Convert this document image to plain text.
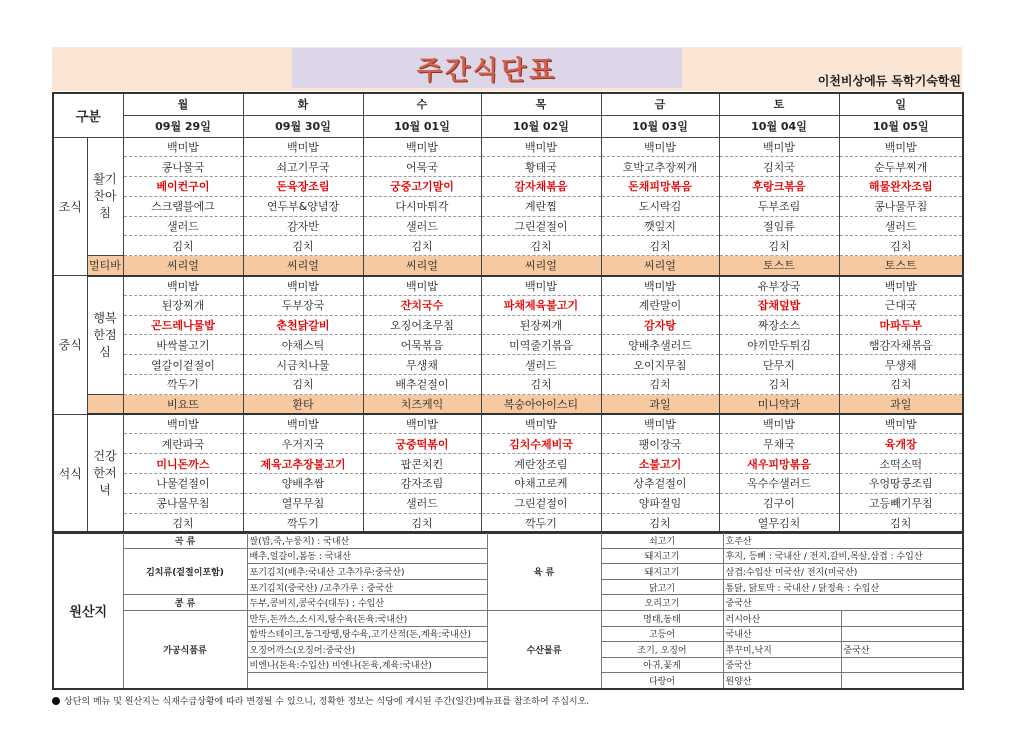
주간식단표	이천비상에듀 독학기숙학원
구분		월	화	수	목	금	토	일
		09월 29일	09월 30일	10월 01일	10월 02일	10월 03일	10월 04일	10월 05일
조식	활기찬아침	백미밥	백미밥	백미밥	백미밥	백미밥	백미밥	백미밥
		콩나물국	쇠고기무국	어묵국	황태국	호박고추장찌개	김치국	순두부찌개
		베이컨구이	돈육장조림	궁중고기말이	감자채볶음	돈채피망볶음	후랑크볶음	해물완자조림
		스크램블에그	연두부&양념장	다시마튀각	계란찜	도시락김	두부조림	콩나물무침
		샐러드	감자반	샐러드	그린겉절이	깻잎지	절임류	샐러드
		김치	김치	김치	김치	김치	김치	김치
	멀티바	씨리얼	씨리얼	씨리얼	씨리얼	씨리얼	토스트	토스트
중식	행복한점심	백미밥	백미밥	백미밥	백미밥	백미밥	유부장국	백미밥
		된장찌개	두부장국	잔치국수	파채제육불고기	계란말이	잡채덮밥	근대국
		곤드레나물밥	춘천닭갈비	오징어초무침	된장찌개	감자탕	짜장소스	마파두부
		바싹불고기	야채스틱	어묵볶음	미역줄기볶음	양배추샐러드	야끼만두튀김	햄감자채볶음
		열갈이겉절이	시금치나물	무생채	샐러드	오이지무침	단무지	무생채
		깍두기	김치	배추겉절이	김치	김치	김치	김치
		비요뜨	환타	치즈케익	복숭아아이스티	과일	미니약과	과일
석식	건강한저녁	백미밥	백미밥	백미밥	백미밥	백미밥	백미밥	백미밥
		계란파국	우거지국	궁중떡볶이	김치수제비국	팽이장국	무채국	육개장
		미니돈까스	제육고추장불고기	팝콘치킨	계란장조림	소불고기	새우피망볶음	소떡소떡
		나물겉절이	양배추쌈	감자조림	야채고로케	상추겉절이	옥수수샐러드	우엉땅콩조림
		콩나물무침	열무무침	샐러드	그린겉절이	양파절임	김구이	고등빼기무침
		김치	깍두기	김치	깍두기	김치	열무김치	김치
원산지	곡 류	쌀(밥,죽,누룽지) : 국내산	육 류	쇠고기	호주산	
	김치류(겉절이포함)	배추,얼갈이,봄동 : 국내산		돼지고기	후지, 등뼈 : 국내산 / 전지,갈비,목살,삼겹 : 수입산	
		포기김치(배추:국내산 고추가루:중국산)		돼지고기	삼겹:수입산 미국산/ 전지(미국산)	
		포기김치(중국산) /고추가루 : 중국산		닭고기	통닭, 닭토막 : 국내산 / 닭정육 : 수입산	
	콩 류	두부,콩비지,콩국수(대두) : 수입산		오리고기	중국산	
	가공식품류	만두,돈까스,소시지,탕수육(돈육:국내산)	수산물류	명태,동태	러시아산	
		함박스테이크,동그랑땡,탕수육,고기산적(돈,계육:국내산)		고등어	국내산	
		오징어까스(오징어:중국산)		조기, 오징어	쭈꾸미,낙지	중국산
		비엔나(돈육:수입산) 비엔나(돈육,계육:국내산)		아귀,꽃게	중국산	
				다랑어	원양산	
상단의 메뉴 및 원산지는 식재수급상황에 따라 변경될 수 있으니, 정확한 정보는 식당에 게시된 주간(일간)메뉴표를 참조하여 주십시오.
